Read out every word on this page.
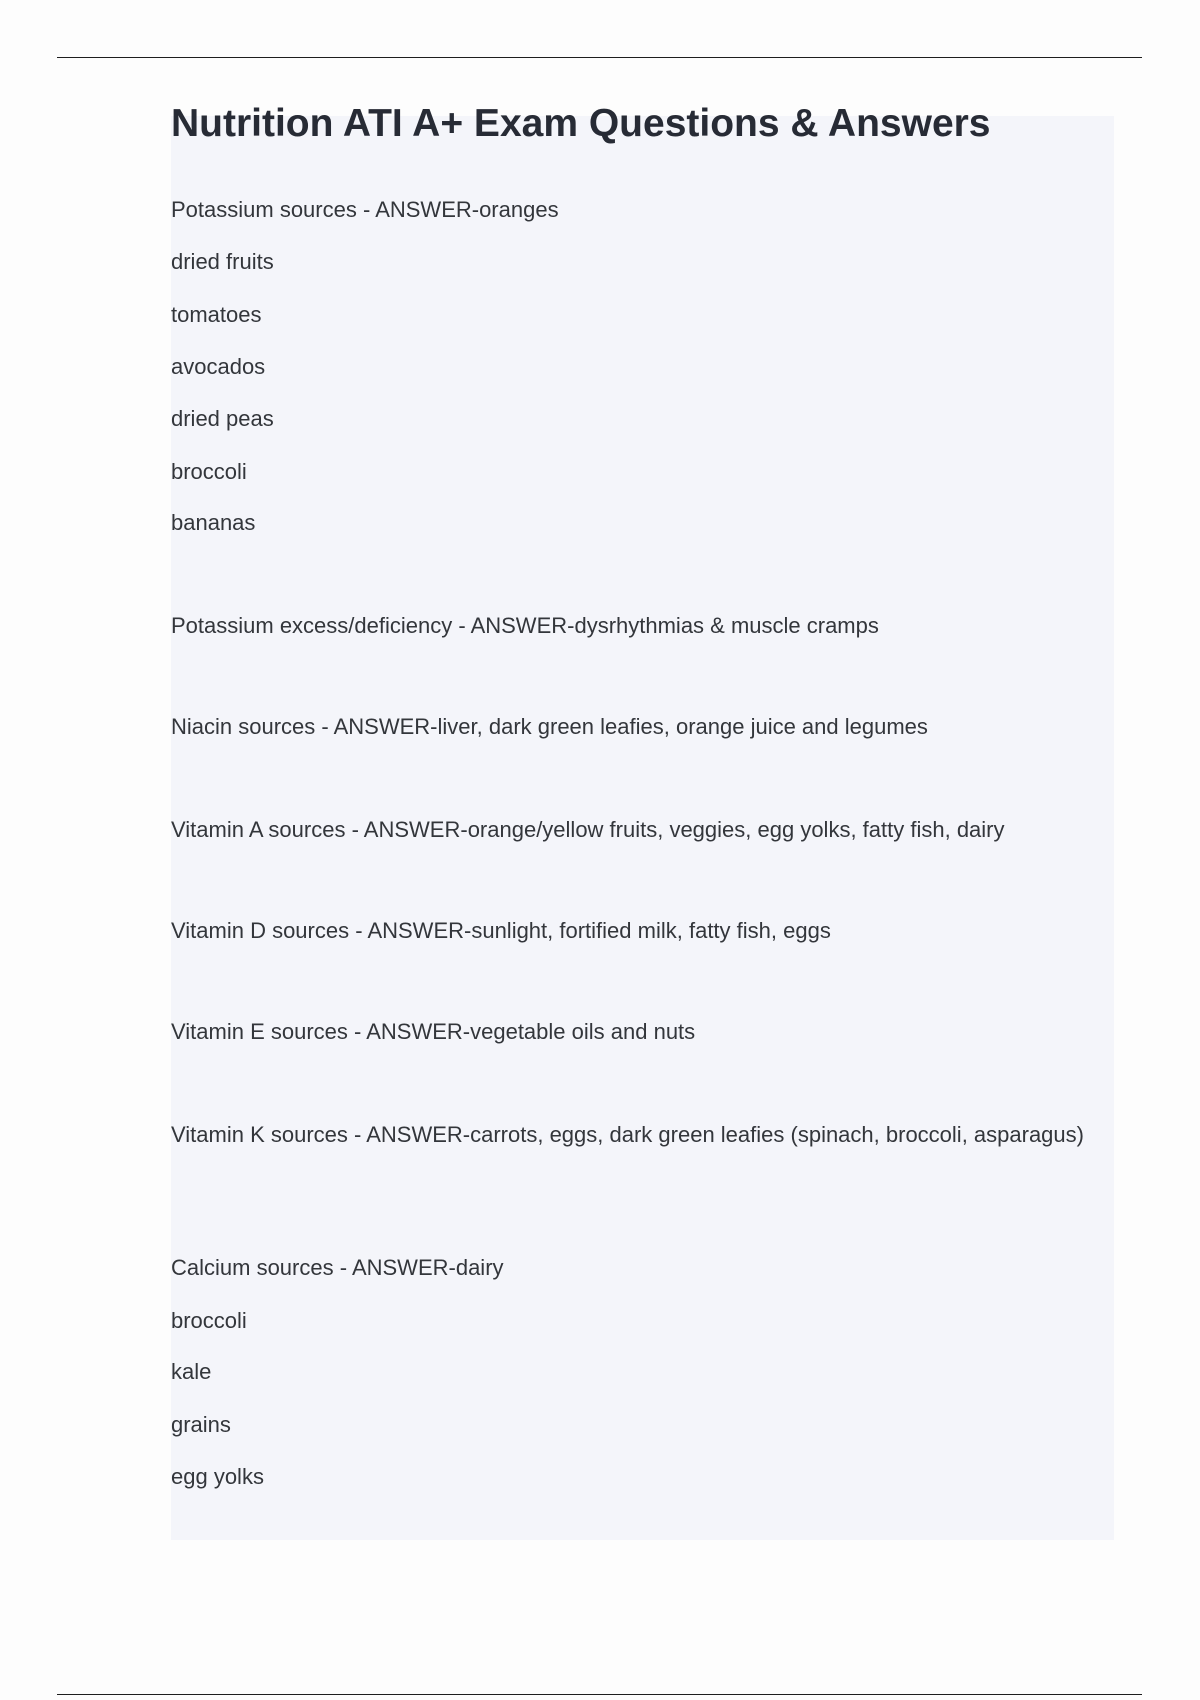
Nutrition ATI A+ Exam Questions & Answers
Potassium sources - ANSWER-oranges
dried fruits
tomatoes
avocados
dried peas
broccoli
bananas
Potassium excess/deficiency - ANSWER-dysrhythmias & muscle cramps
Niacin sources - ANSWER-liver, dark green leafies, orange juice and legumes
Vitamin A sources - ANSWER-orange/yellow fruits, veggies, egg yolks, fatty fish, dairy
Vitamin D sources - ANSWER-sunlight, fortified milk, fatty fish, eggs
Vitamin E sources - ANSWER-vegetable oils and nuts
Vitamin K sources - ANSWER-carrots, eggs, dark green leafies (spinach, broccoli, asparagus)
Calcium sources - ANSWER-dairy
broccoli
kale
grains
egg yolks
